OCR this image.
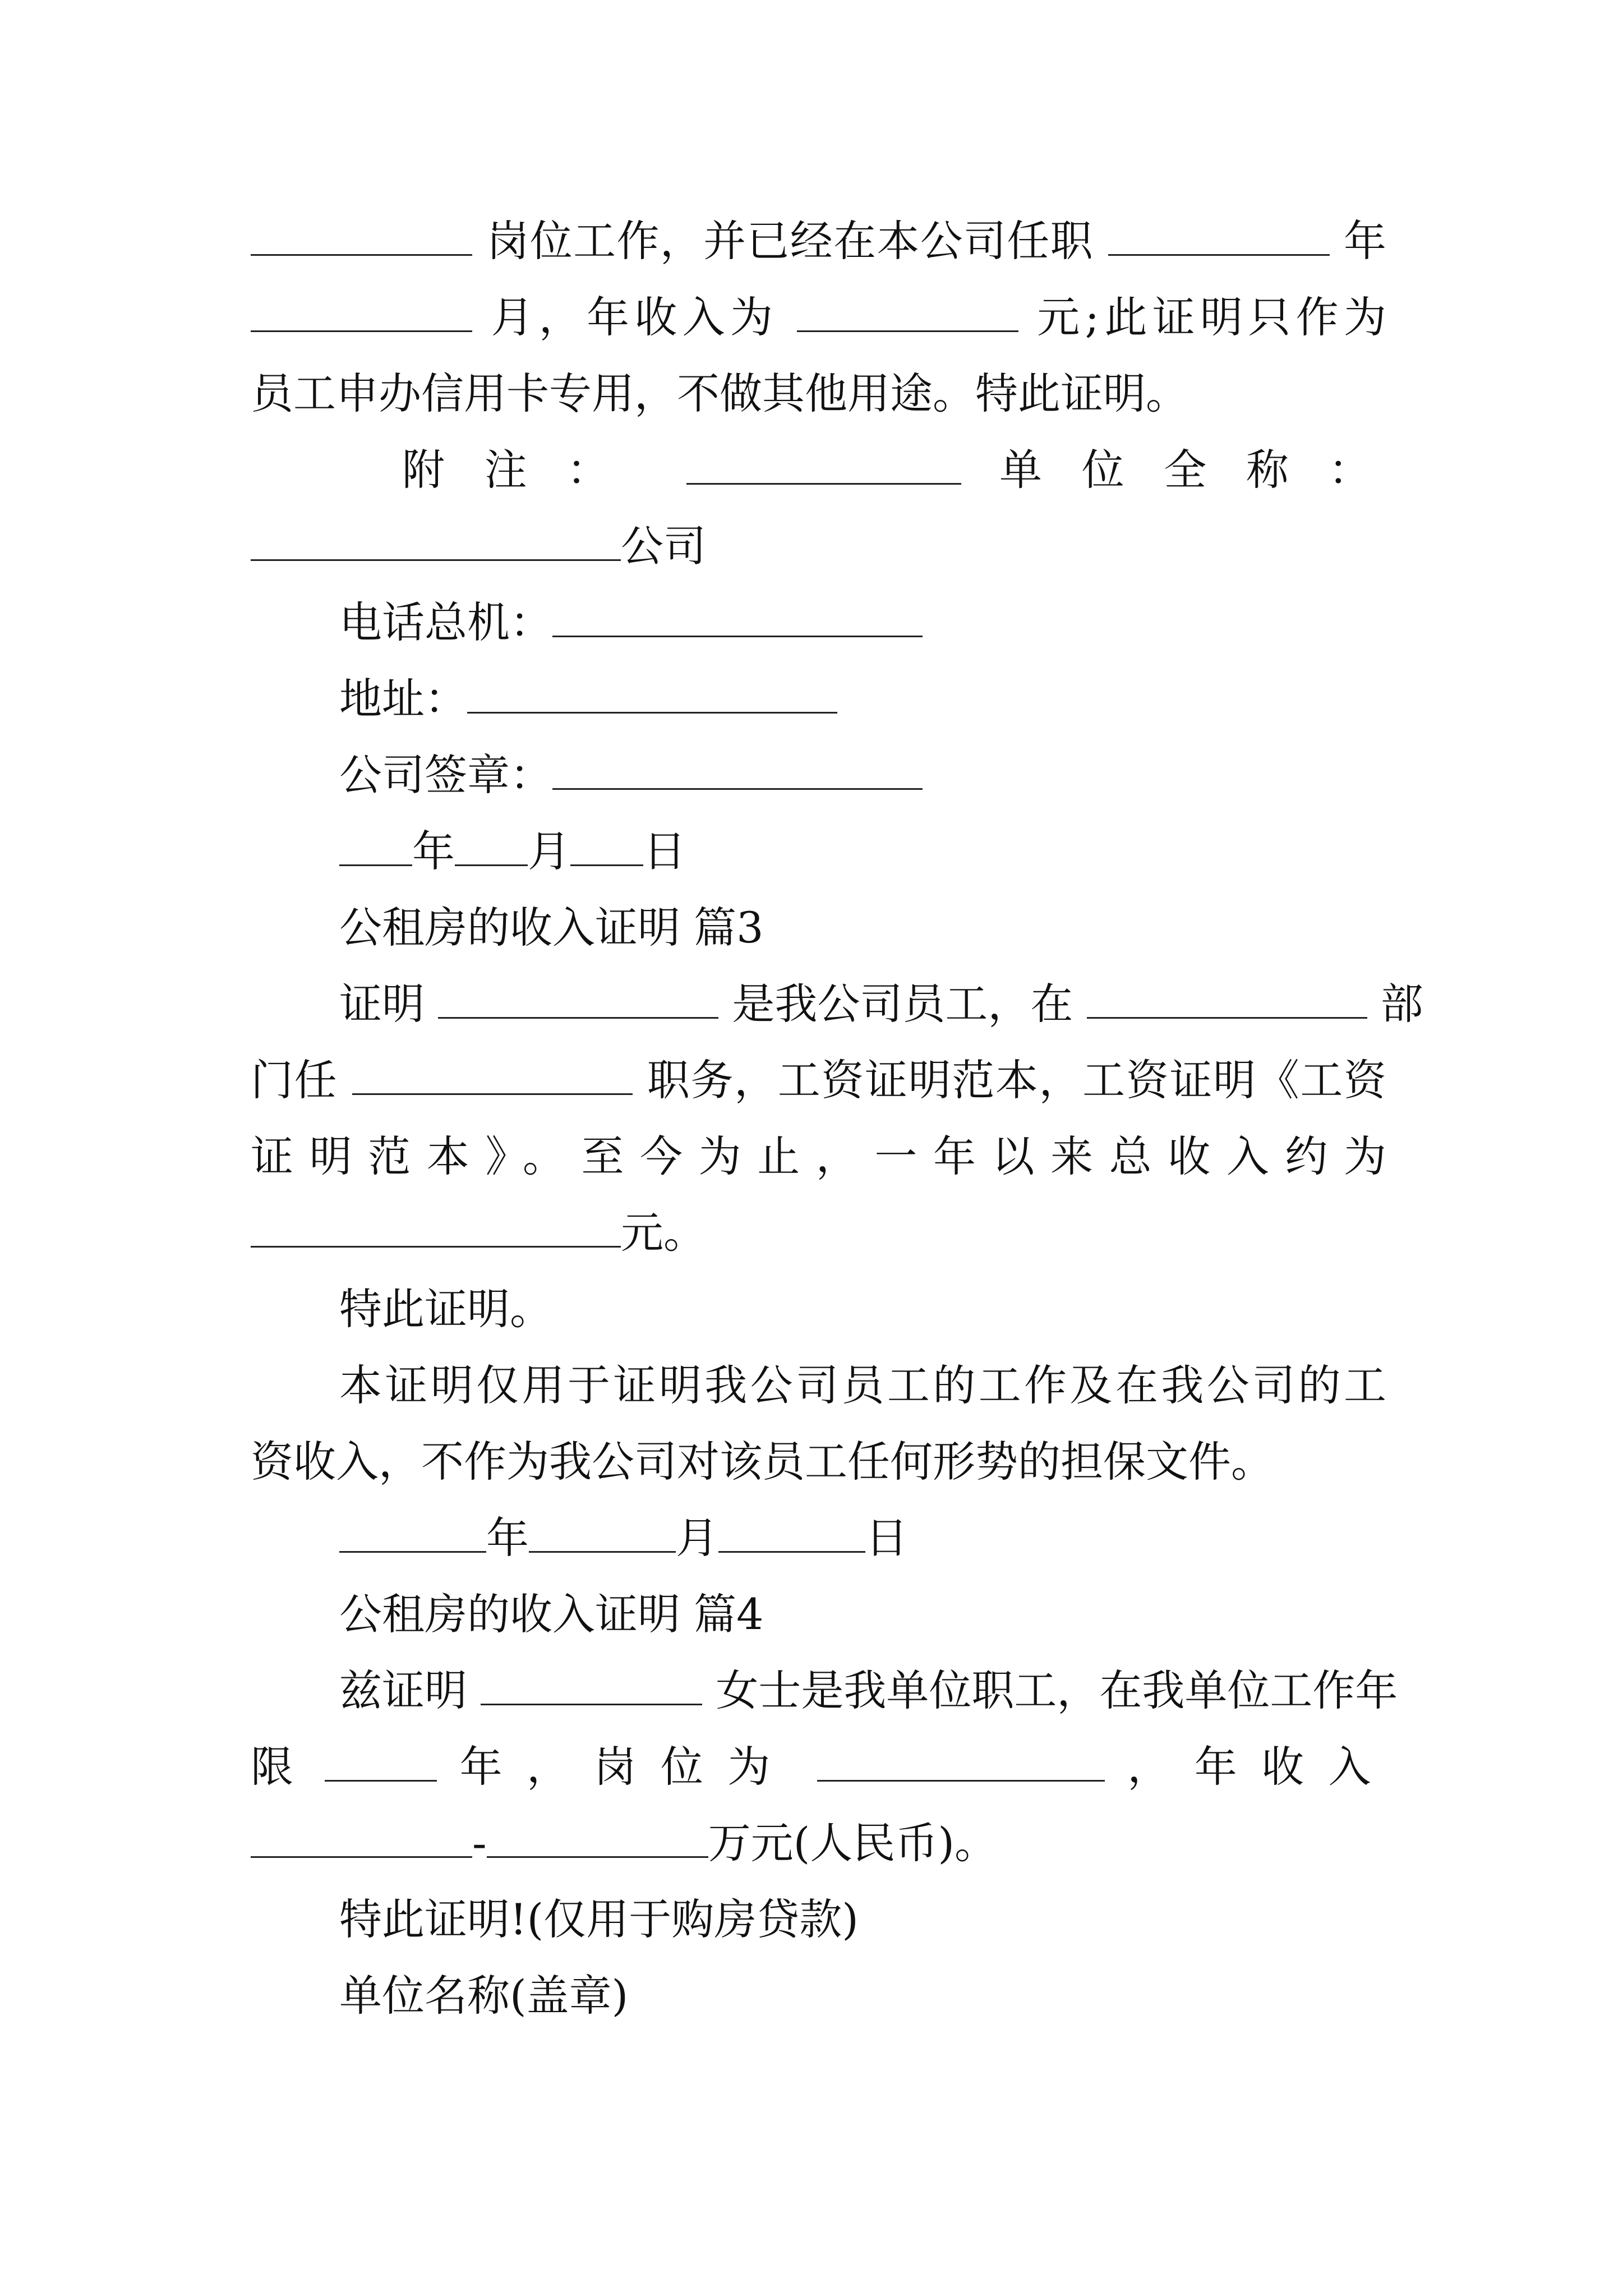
岗位工作，并已经在本公司任职	年
月，年收入为	元;此证明只作为
员工申办信用卡专用，不做其他用途。特此证明。
附注：	单位全称：
公司
电话总机：
地址：
公司签章：
年 月 日
公租房的收入证明 篇3
证明	是我公司员工，在	部
门任	职务，工资证明范本，工资证明《工资
证明范本》。至今为止，一年以来总收入约为
元。
特此证明。
本证明仅用于证明我公司员工的工作及在我公司的工
资收入，不作为我公司对该员工任何形势的担保文件。
年	月	日
公租房的收入证明 篇4
兹证明	女士是我单位职工，在我单位工作年
限	年，岗位为	，年收入
-	万元(人民币)。
特此证明!(仅用于购房贷款)
单位名称(盖章)
